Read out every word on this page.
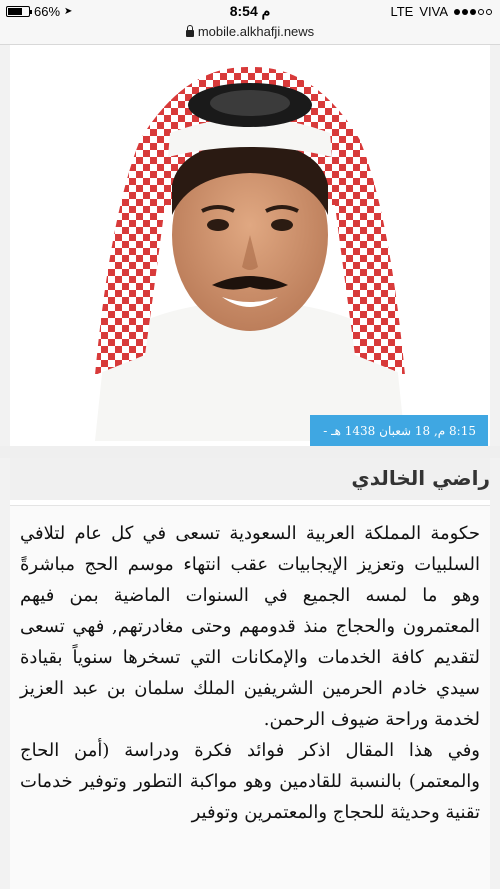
66% ➤	8:54 م	LTE VIVA
mobile.alkhafji.news
8:15 م, 18 شعبان 1438 هـ -
راضي الخالدي

حكومة المملكة العربية السعودية تسعى في كل عام لتلافي السلبيات وتعزيز الإيجابيات عقب انتهاء موسم الحج مباشرةً وهو ما لمسه الجميع في السنوات الماضية بمن فيهم المعتمرون والحجاج منذ قدومهم وحتى مغادرتهم, فهي تسعى لتقديم كافة الخدمات والإمكانات التي تسخرها سنوياً بقيادة سيدي خادم الحرمين الشريفين الملك سلمان بن عبد العزيز لخدمة وراحة ضيوف الرحمن.

وفي هذا المقال اذكر فوائد فكرة ودراسة (أمن الحاج والمعتمر) بالنسبة للقادمين وهو مواكبة التطور وتوفير خدمات تقنية وحديثة للحجاج والمعتمرين وتوفير
